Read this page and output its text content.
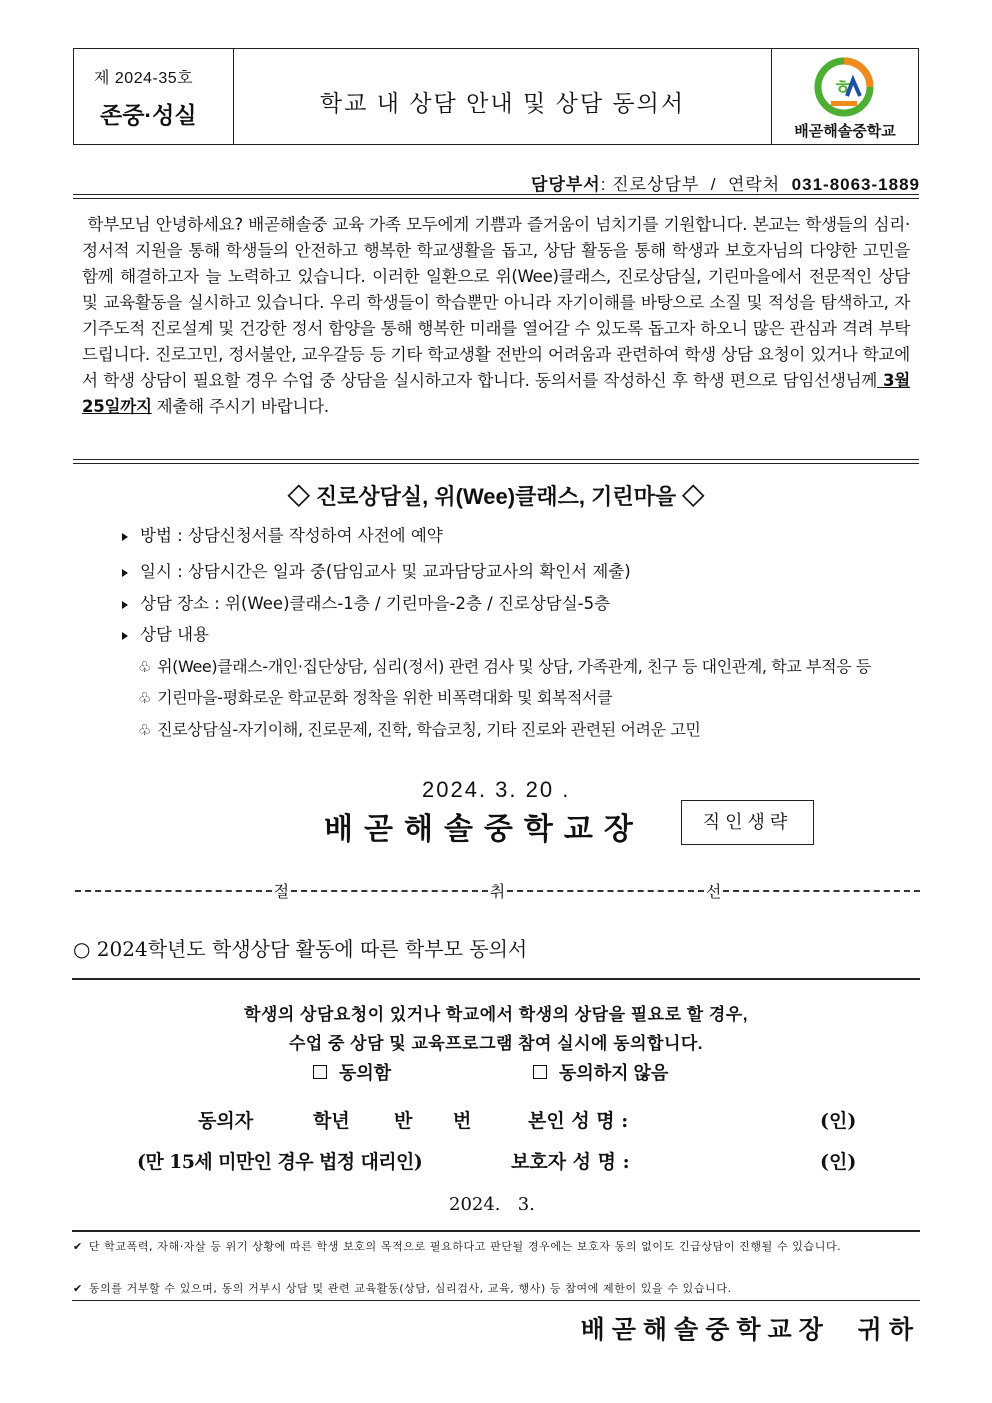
제 2024-35호
존중·성실	학교 내 상담 안내 및 상담 동의서
ㅎ
배곧해솔중학교
담당부서: 진로상담부 / 연락처 031-8063-1889
학부모님 안녕하세요? 배곧해솔중 교육 가족 모두에게 기쁨과 즐거움이 넘치기를 기원합니다. 본교는 학생들의 심리·정서적 지원을 통해 학생들의 안전하고 행복한 학교생활을 돕고, 상담 활동을 통해 학생과 보호자님의 다양한 고민을 함께 해결하고자 늘 노력하고 있습니다. 이러한 일환으로 위(Wee)클래스, 진로상담실, 기린마을에서 전문적인 상담 및 교육활동을 실시하고 있습니다. 우리 학생들이 학습뿐만 아니라 자기이해를 바탕으로 소질 및 적성을 탐색하고, 자기주도적 진로설계 및 건강한 정서 함양을 통해 행복한 미래를 열어갈 수 있도록 돕고자 하오니 많은 관심과 격려 부탁드립니다. 진로고민, 정서불안, 교우갈등 등 기타 학교생활 전반의 어려움과 관련하여 학생 상담 요청이 있거나 학교에서 학생 상담이 필요할 경우 수업 중 상담을 실시하고자 합니다. 동의서를 작성하신 후 학생 편으로 담임선생님께 3월 25일까지 제출해 주시기 바랍니다.
◇ 진로상담실, 위(Wee)클래스, 기린마을 ◇
방법 : 상담신청서를 작성하여 사전에 예약
일시 : 상담시간은 일과 중(담임교사 및 교과담당교사의 확인서 제출)
상담 장소 : 위(Wee)클래스-1층 / 기린마을-2층 / 진로상담실-5층
상담 내용
♧ 위(Wee)클래스-개인·집단상담, 심리(정서) 관련 검사 및 상담, 가족관계, 친구 등 대인관계, 학교 부적응 등
♧ 기린마을-평화로운 학교문화 정착을 위한 비폭력대화 및 회복적서클
♧ 진로상담실-자기이해, 진로문제, 진학, 학습코칭, 기타 진로와 관련된 어려운 고민
2024. 3. 20 .
배곧해솔중학교장	직인생략
절	취	선
○ 2024학년도 학생상담 활동에 따른 학부모 동의서
학생의 상담요청이 있거나 학교에서 학생의 상담을 필요로 할 경우,
수업 중 상담 및 교육프로그램 참여 실시에 동의합니다.
동의함	동의하지 않음
동의자	학년 반 번	본인 성 명 :	(인)
(만 15세 미만인 경우 법정 대리인)	보호자 성 명 :	(인)
2024.   3.
✔ 단 학교폭력, 자해·자살 등 위기 상황에 따른 학생 보호의 목적으로 필요하다고 판단될 경우에는 보호자 동의 없이도 긴급상담이 진행될 수 있습니다.
✔ 동의를 거부할 수 있으며, 동의 거부시 상담 및 관련 교육활동(상담, 심리검사, 교육, 행사) 등 참여에 제한이 있을 수 있습니다.
배곧해솔중학교장  귀하
